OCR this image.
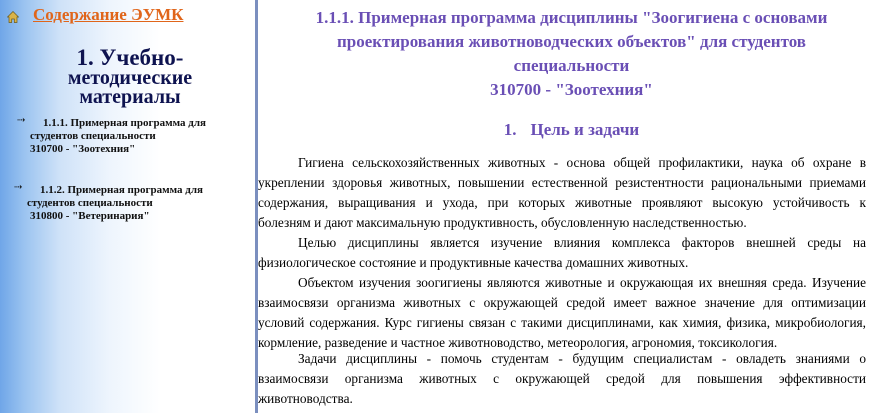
Содержание ЭУМК
1. Учебно-
методические
материалы
⇢ 1.1.1. Примерная программа для
студентов специальности
310700 - "Зоотехния"
⇢ 1.1.2. Примерная программа для
студентов специальности
310800 - "Ветеринария"
1.1.1. Примерная программа дисциплины "Зоогигиена с основами
проектирования животноводческих объектов" для студентов специальности
310700 - "Зоотехния"
1. Цель и задачи
Гигиена сельскохозяйственных животных - основа общей профилактики, наука об охране в
укреплении здоровья животных, повышении естественной резистентности рациональными приемами
содержания, выращивания и ухода, при которых животные проявляют высокую устойчивость к
болезням и дают максимальную продуктивность, обусловленную наследственностью.
Целью дисциплины является изучение влияния комплекса факторов внешней среды на
физиологическое состояние и продуктивные качества домашних животных.
Объектом изучения зоогигиены являются животные и окружающая их внешняя среда. Изучение
взаимосвязи организма животных с окружающей средой имеет важное значение для оптимизации
условий содержания. Курс гигиены связан с такими дисциплинами, как химия, физика, микробиология,
кормление, разведение и частное животноводство, метеорология, агрономия, токсикология.
Задачи дисциплины - помочь студентам - будущим специалистам - овладеть знаниями о
взаимосвязи организма животных с окружающей средой для повышения эффективности
животноводства.
